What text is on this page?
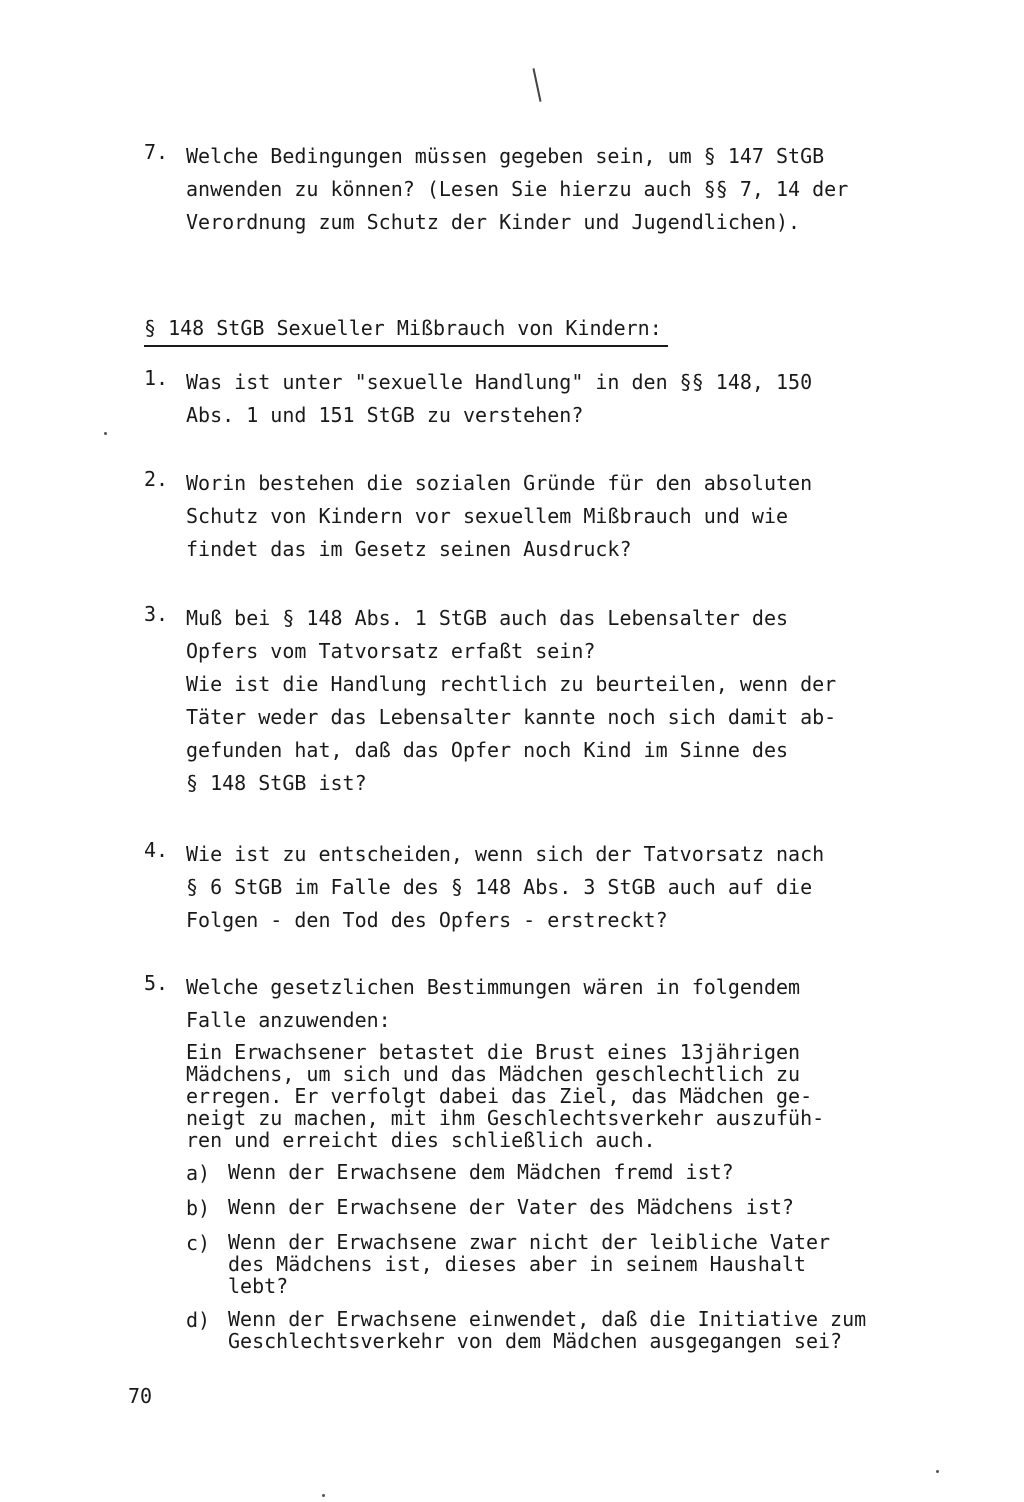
7. Welche Bedingungen müssen gegeben sein, um § 147 StGB
anwenden zu können? (Lesen Sie hierzu auch §§ 7, 14 der
Verordnung zum Schutz der Kinder und Jugendlichen).
§ 148 StGB Sexueller Mißbrauch von Kindern:
1. Was ist unter "sexuelle Handlung" in den §§ 148, 150
Abs. 1 und 151 StGB zu verstehen?
2. Worin bestehen die sozialen Gründe für den absoluten
Schutz von Kindern vor sexuellem Mißbrauch und wie
findet das im Gesetz seinen Ausdruck?
3. Muß bei § 148 Abs. 1 StGB auch das Lebensalter des
Opfers vom Tatvorsatz erfaßt sein?
Wie ist die Handlung rechtlich zu beurteilen, wenn der
Täter weder das Lebensalter kannte noch sich damit ab-
gefunden hat, daß das Opfer noch Kind im Sinne des
§ 148 StGB ist?
4. Wie ist zu entscheiden, wenn sich der Tatvorsatz nach
§ 6 StGB im Falle des § 148 Abs. 3 StGB auch auf die
Folgen - den Tod des Opfers - erstreckt?
5. Welche gesetzlichen Bestimmungen wären in folgendem
Falle anzuwenden:
Ein Erwachsener betastet die Brust eines 13jährigen
Mädchens, um sich und das Mädchen geschlechtlich zu
erregen. Er verfolgt dabei das Ziel, das Mädchen ge-
neigt zu machen, mit ihm Geschlechtsverkehr auszufüh-
ren und erreicht dies schließlich auch.
a) Wenn der Erwachsene dem Mädchen fremd ist?
b) Wenn der Erwachsene der Vater des Mädchens ist?
c) Wenn der Erwachsene zwar nicht der leibliche Vater
des Mädchens ist, dieses aber in seinem Haushalt
lebt?
d) Wenn der Erwachsene einwendet, daß die Initiative zum
Geschlechtsverkehr von dem Mädchen ausgegangen sei?
70
